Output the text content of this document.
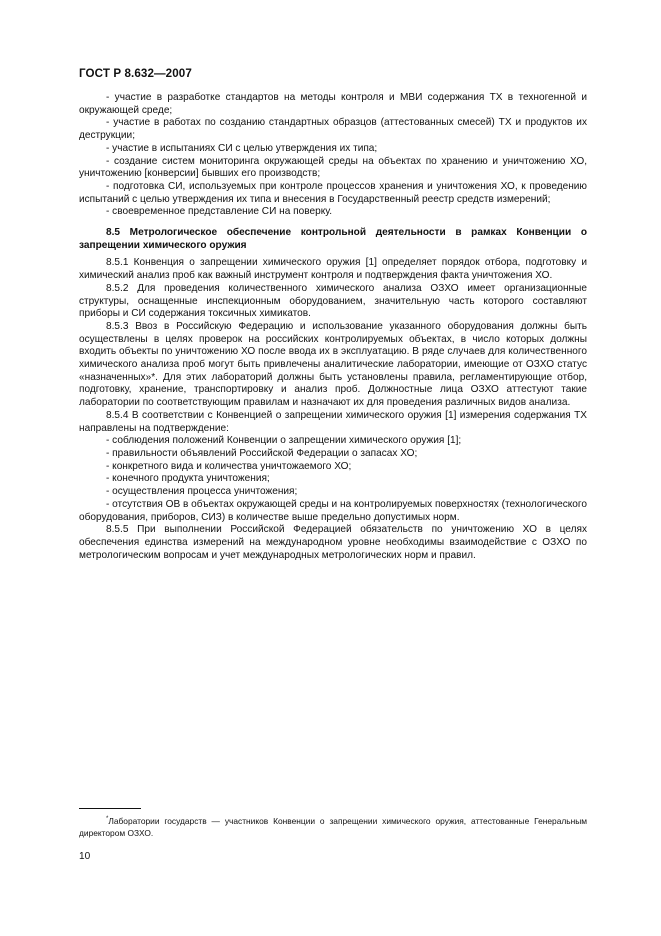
ГОСТ Р 8.632—2007

- участие в разработке стандартов на методы контроля и МВИ содержания ТХ в техногенной и окружающей среде;

- участие в работах по созданию стандартных образцов (аттестованных смесей) ТХ и продуктов их деструкции;

- участие в испытаниях СИ с целью утверждения их типа;

- создание систем мониторинга окружающей среды на объектах по хранению и уничтожению ХО, уничтожению [конверсии] бывших его производств;

- подготовка СИ, используемых при контроле процессов хранения и уничтожения ХО, к проведению испытаний с целью утверждения их типа и внесения в Государственный реестр средств измерений;

- своевременное представление СИ на поверку.

8.5 Метрологическое обеспечение контрольной деятельности в рамках Конвенции о запрещении химического оружия

8.5.1 Конвенция о запрещении химического оружия [1] определяет порядок отбора, подготовку и химический анализ проб как важный инструмент контроля и подтверждения факта уничтожения ХО.

8.5.2 Для проведения количественного химического анализа ОЗХО имеет организационные структуры, оснащенные инспекционным оборудованием, значительную часть которого составляют приборы и СИ содержания токсичных химикатов.

8.5.3 Ввоз в Российскую Федерацию и использование указанного оборудования должны быть осуществлены в целях проверок на российских контролируемых объектах, в число которых должны входить объекты по уничтожению ХО после ввода их в эксплуатацию. В ряде случаев для количественного химического анализа проб могут быть привлечены аналитические лаборатории, имеющие от ОЗХО статус «назначенных»*. Для этих лабораторий должны быть установлены правила, регламентирующие отбор, подготовку, хранение, транспортировку и анализ проб. Должностные лица ОЗХО аттестуют такие лаборатории по соответствующим правилам и назначают их для проведения различных видов анализа.

8.5.4 В соответствии с Конвенцией о запрещении химического оружия [1] измерения содержания ТХ направлены на подтверждение:

- соблюдения положений Конвенции о запрещении химического оружия [1];

- правильности объявлений Российской Федерации о запасах ХО;

- конкретного вида и количества уничтожаемого ХО;

- конечного продукта уничтожения;

- осуществления процесса уничтожения;

- отсутствия ОВ в объектах окружающей среды и на контролируемых поверхностях (технологического оборудования, приборов, СИЗ) в количестве выше предельно допустимых норм.

8.5.5 При выполнении Российской Федерацией обязательств по уничтожению ХО в целях обеспечения единства измерений на международном уровне необходимы взаимодействие с ОЗХО по метрологическим вопросам и учет международных метрологических норм и правил.

*Лаборатории государств — участников Конвенции о запрещении химического оружия, аттестованные Генеральным директором ОЗХО.

10
